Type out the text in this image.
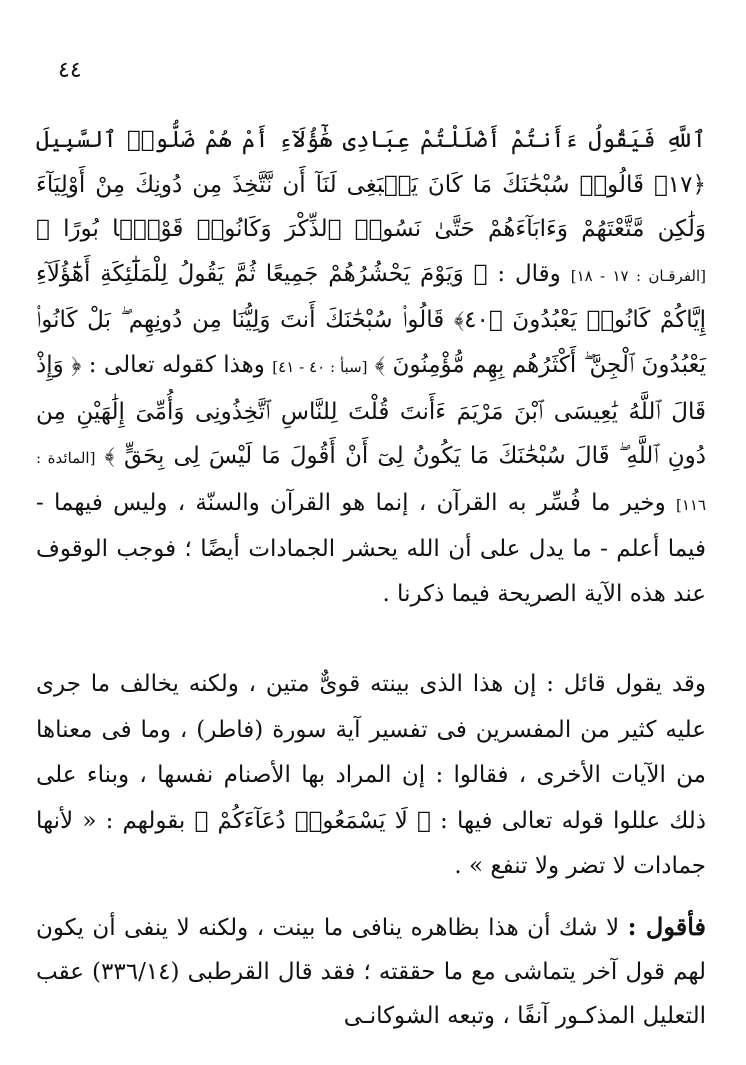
٤٤

ٱللَّهِ فَيَقُولُ ءَأَنتُمْ أَضْلَلْتُمْ عِبَادِى هَٰٓؤُلَآءِ أَمْ هُمْ ضَلُّوا۟ ٱلسَّبِيلَ ﴿١٧﴾ قَالُوا۟ سُبْحَٰنَكَ مَا كَانَ يَنۢبَغِى لَنَآ أَن نَّتَّخِذَ مِن دُونِكَ مِنْ أَوْلِيَآءَ وَلَٰكِن مَّتَّعْتَهُمْ وَءَابَآءَهُمْ حَتَّىٰ نَسُوا۟ ٱلذِّكْرَ وَكَانُوا۟ قَوْمًۢا بُورًا ﴾ [الفرقـان : ١٧ - ١٨] وقال : ﴿ وَيَوْمَ يَحْشُرُهُمْ جَمِيعًا ثُمَّ يَقُولُ لِلْمَلَٰٓئِكَةِ أَهَٰٓؤُلَآءِ إِيَّاكُمْ كَانُوا۟ يَعْبُدُونَ ﴿٤٠﴾ قَالُوا۟ سُبْحَٰنَكَ أَنتَ وَلِيُّنَا مِن دُونِهِم ۖ بَلْ كَانُوا۟ يَعْبُدُونَ ٱلْجِنَّ ۖ أَكْثَرُهُم بِهِم مُّؤْمِنُونَ ﴾ [سبأ : ٤٠ - ٤١] وهذا كقوله تعالى : ﴿ وَإِذْ قَالَ ٱللَّهُ يَٰعِيسَى ٱبْنَ مَرْيَمَ ءَأَنتَ قُلْتَ لِلنَّاسِ ٱتَّخِذُونِى وَأُمِّىَ إِلَٰهَيْنِ مِن دُونِ ٱللَّهِ ۖ قَالَ سُبْحَٰنَكَ مَا يَكُونُ لِىٓ أَنْ أَقُولَ مَا لَيْسَ لِى بِحَقٍّ ﴾ [المائدة : ١١٦] وخير ما فُسِّر به القرآن ، إنما هو القرآن والسنّة ، وليس فيهما - فيما أعلم - ما يدل على أن الله يحشر الجمادات أيضًا ؛ فوجب الوقوف عند هذه الآية الصريحة فيما ذكرنا .

وقد يقول قائل : إن هذا الذى بينته قوىٌّ متين ، ولكنه يخالف ما جرى عليه كثير من المفسرين فى تفسير آية سورة (فاطر) ، وما فى معناها من الآيات الأخرى ، فقالوا : إن المراد بها الأصنام نفسها ، وبناء على ذلك عللوا قوله تعالى فيها : ﴿ لَا يَسْمَعُوا۟ دُعَآءَكُمْ ﴾ بقولهم : « لأنها جمادات لا تضر ولا تنفع » .

فأقول : لا شك أن هذا بظاهره ينافى ما بينت ، ولكنه لا ينفى أن يكون لهم قول آخر يتماشى مع ما حققته ؛ فقد قال القرطبى (٣٣٦/١٤) عقب التعليل المذكـور آنفًا ، وتبعه الشوكانـى
